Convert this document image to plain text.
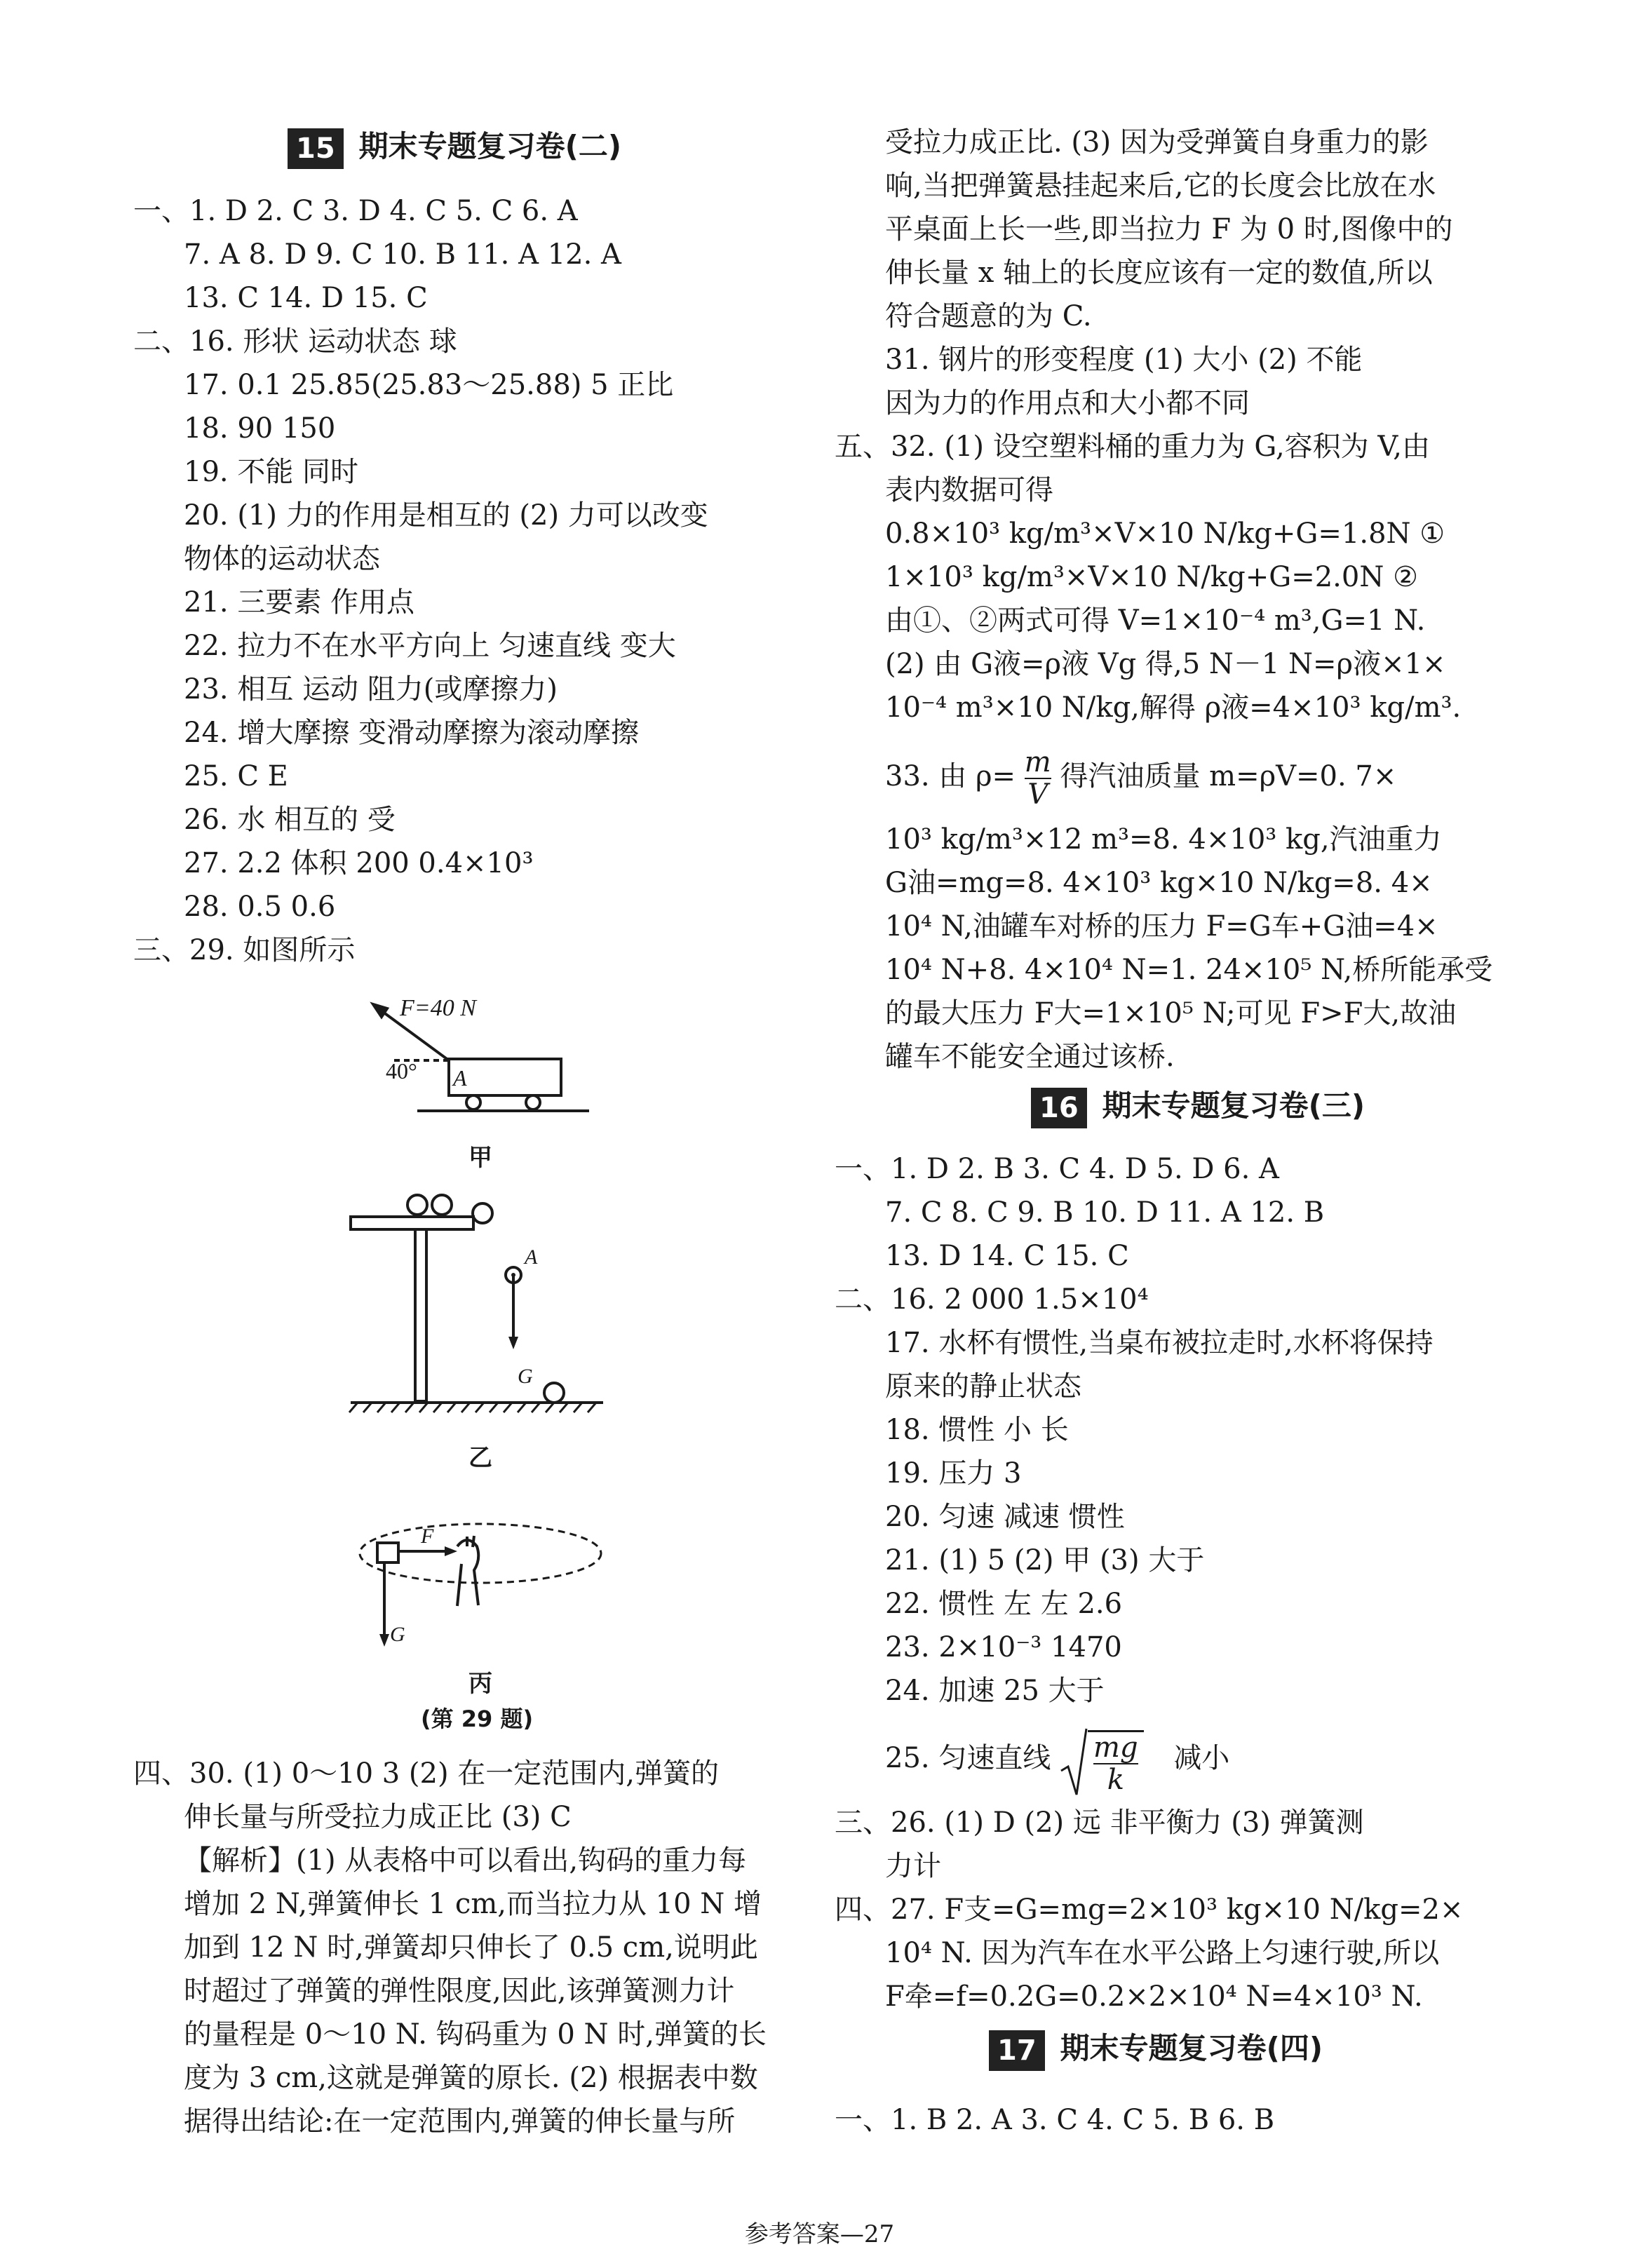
15 期末专题复习卷(二)
一、1. D 2. C 3. D 4. C 5. C 6. A
7. A 8. D 9. C 10. B 11. A 12. A
13. C 14. D 15. C
二、16. 形状 运动状态 球
17. 0.1 25.85(25.83～25.88) 5 正比
18. 90 150
19. 不能 同时
20. (1) 力的作用是相互的 (2) 力可以改变
物体的运动状态
21. 三要素 作用点
22. 拉力不在水平方向上 匀速直线 变大
23. 相互 运动 阻力(或摩擦力)
24. 增大摩擦 变滑动摩擦为滚动摩擦
25. C E
26. 水 相互的 受
27. 2.2 体积 200 0.4×10³
28. 0.5 0.6
三、29. 如图所示
F=40 N
40° A
甲
A
G
乙
F
G
丙
(第 29 题)
四、30. (1) 0～10 3 (2) 在一定范围内,弹簧的
伸长量与所受拉力成正比 (3) C
【解析】(1) 从表格中可以看出,钩码的重力每
增加 2 N,弹簧伸长 1 cm,而当拉力从 10 N 增
加到 12 N 时,弹簧却只伸长了 0.5 cm,说明此
时超过了弹簧的弹性限度,因此,该弹簧测力计
的量程是 0～10 N. 钩码重为 0 N 时,弹簧的长
度为 3 cm,这就是弹簧的原长. (2) 根据表中数
据得出结论:在一定范围内,弹簧的伸长量与所
受拉力成正比. (3) 因为受弹簧自身重力的影
响,当把弹簧悬挂起来后,它的长度会比放在水
平桌面上长一些,即当拉力 F 为 0 时,图像中的
伸长量 x 轴上的长度应该有一定的数值,所以
符合题意的为 C.
31. 钢片的形变程度 (1) 大小 (2) 不能
因为力的作用点和大小都不同
五、32. (1) 设空塑料桶的重力为 G,容积为 V,由
表内数据可得
0.8×10³ kg/m³×V×10 N/kg+G=1.8N ①
1×10³ kg/m³×V×10 N/kg+G=2.0N ②
由①、②两式可得 V=1×10⁻⁴ m³,G=1 N.
(2) 由 G液=ρ液 Vg 得,5 N－1 N=ρ液×1×
10⁻⁴ m³×10 N/kg,解得 ρ液=4×10³ kg/m³.
33. 由 $\rho= \frac{m}{V}$ 得汽油质量 m=ρV=0. 7×
10³ kg/m³×12 m³=8. 4×10³ kg,汽油重力
G油=mg=8. 4×10³ kg×10 N/kg=8. 4×
10⁴ N,油罐车对桥的压力 F=G车+G油=4×
10⁴ N+8. 4×10⁴ N=1. 24×10⁵ N,桥所能承受
的最大压力 F大=1×10⁵ N;可见 F>F大,故油
罐车不能安全通过该桥.
16 期末专题复习卷(三)
一、1. D 2. B 3. C 4. D 5. D 6. A
7. C 8. C 9. B 10. D 11. A 12. B
13. D 14. C 15. C
二、16. 2 000 1.5×10⁴
17. 水杯有惯性,当桌布被拉走时,水杯将保持
原来的静止状态
18. 惯性 小 长
19. 压力 3
20. 匀速 减速 惯性
21. (1) 5 (2) 甲 (3) 大于
22. 惯性 左 左 2.6
23. 2×10⁻³ 1470
24. 加速 25 大于
25. 匀速直线 $\frac{mg}{k}$ 减小
三、26. (1) D (2) 远 非平衡力 (3) 弹簧测
力计
四、27. F支=G=mg=2×10³ kg×10 N/kg=2×
10⁴ N. 因为汽车在水平公路上匀速行驶,所以
F牵=f=0.2G=0.2×2×10⁴ N=4×10³ N.
17 期末专题复习卷(四)
一、1. B 2. A 3. C 4. C 5. B 6. B
参考答案—27
